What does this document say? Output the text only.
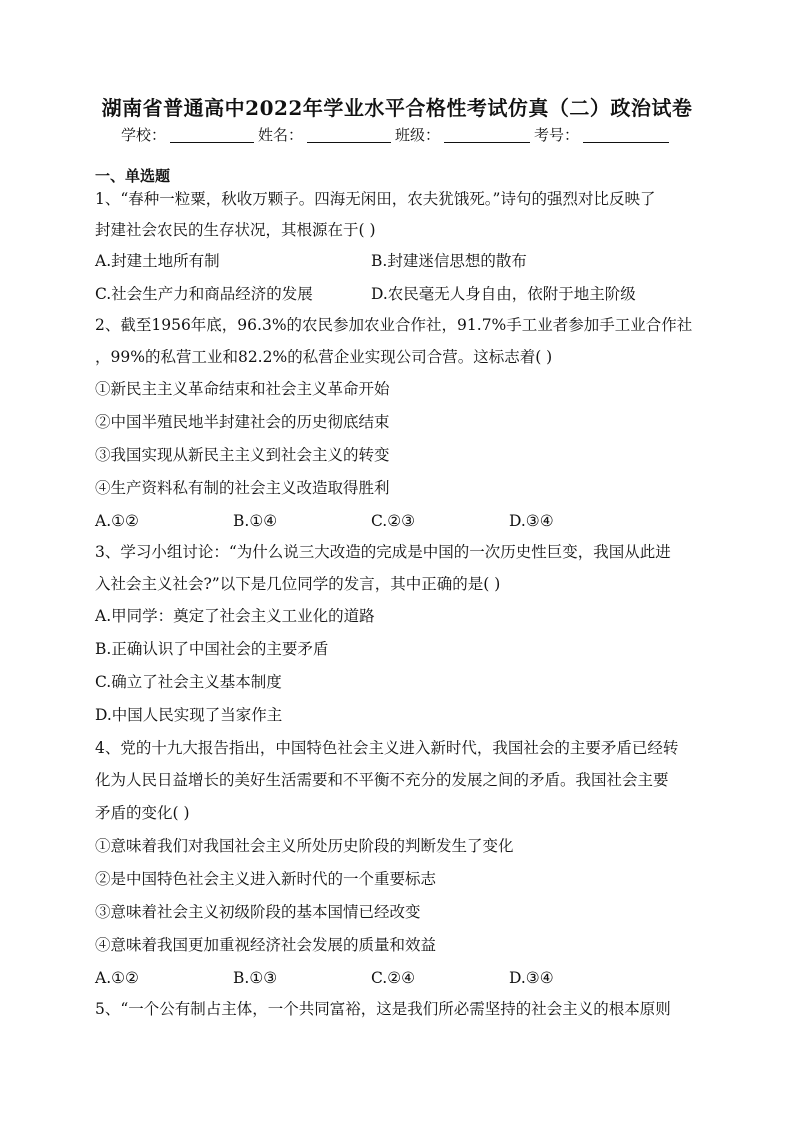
湖南省普通高中2022年学业水平合格性考试仿真（二）政治试卷
学校：	姓名：	班级：	考号：
一、单选题
1、“春种一粒粟，秋收万颗子。四海无闲田，农夫犹饿死。”诗句的强烈对比反映了
封建社会农民的生存状况，其根源在于( )
A.封建土地所有制	B.封建迷信思想的散布
C.社会生产力和商品经济的发展	D.农民毫无人身自由，依附于地主阶级
2、截至1956年底，96.3%的农民参加农业合作社，91.7%手工业者参加手工业合作社
，99%的私营工业和82.2%的私营企业实现公司合营。这标志着( )
①新民主主义革命结束和社会主义革命开始
②中国半殖民地半封建社会的历史彻底结束
③我国实现从新民主主义到社会主义的转变
④生产资料私有制的社会主义改造取得胜利
A.①②	B.①④	C.②③	D.③④
3、学习小组讨论：“为什么说三大改造的完成是中国的一次历史性巨变，我国从此进
入社会主义社会?”以下是几位同学的发言，其中正确的是( )
A.甲同学：奠定了社会主义工业化的道路
B.正确认识了中国社会的主要矛盾
C.确立了社会主义基本制度
D.中国人民实现了当家作主
4、党的十九大报告指出，中国特色社会主义进入新时代，我国社会的主要矛盾已经转
化为人民日益增长的美好生活需要和不平衡不充分的发展之间的矛盾。我国社会主要
矛盾的变化( )
①意味着我们对我国社会主义所处历史阶段的判断发生了变化
②是中国特色社会主义进入新时代的一个重要标志
③意味着社会主义初级阶段的基本国情已经改变
④意味着我国更加重视经济社会发展的质量和效益
A.①②	B.①③	C.②④	D.③④
5、“一个公有制占主体，一个共同富裕，这是我们所必需坚持的社会主义的根本原则
